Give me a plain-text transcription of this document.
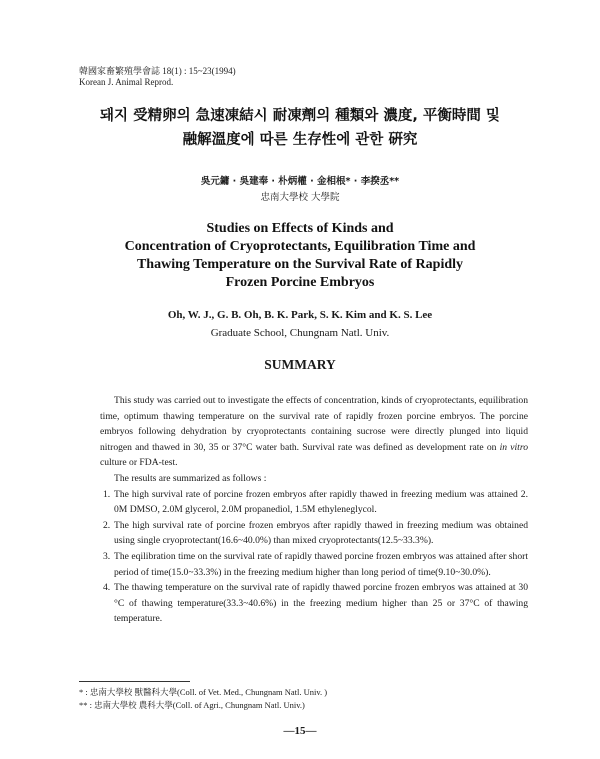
韓國家畜繁殖學會誌 18(1) : 15~23(1994)
Korean J. Animal Reprod.
돼지 受精卵의 急速凍結시 耐凍劑의 種類와 濃度, 平衡時間 및
融解溫度에 따른 生存性에 관한 硏究
吳元鏞 · 吳建奉 · 朴炳權 · 金相根* · 李揆丞**
忠南大學校 大學院
Studies on Effects of Kinds and
Concentration of Cryoprotectants, Equilibration Time and
Thawing Temperature on the Survival Rate of Rapidly
Frozen Porcine Embryos
Oh, W. J., G. B. Oh, B. K. Park, S. K. Kim and K. S. Lee
Graduate School, Chungnam Natl. Univ.
SUMMARY

This study was carried out to investigate the effects of concentration, kinds of cryoprotectants, equilibration time, optimum thawing temperature on the survival rate of rapidly frozen porcine embryos. The porcine embryos following dehydration by cryoprotectants containing sucrose were directly plunged into liquid nitrogen and thawed in 30, 35 or 37°C water bath. Survival rate was defined as development rate on in vitro culture or FDA-test.

The results are summarized as follows :

1. The high survival rate of porcine frozen embryos after rapidly thawed in freezing medium was attained 2. 0M DMSO, 2.0M glycerol, 2.0M propanediol, 1.5M ethyleneglycol.
2. The high survival rate of porcine frozen embryos after rapidly thawed in freezing medium was obtained using single cryoprotectant(16.6~40.0%) than mixed cryoprotectants(12.5~33.3%).
3. The eqilibration time on the survival rate of rapidly thawed porcine frozen embryos was attained after short period of time(15.0~33.3%) in the freezing medium higher than long period of time(9.10~30.0%).
4. The thawing temperature on the survival rate of rapidly thawed porcine frozen embryos was attained at 30 °C of thawing temperature(33.3~40.6%) in the freezing medium higher than 25 or 37°C of thawing temperature.
* : 忠南大學校 獸醫科大學(Coll. of Vet. Med., Chungnam Natl. Univ. )
** : 忠南大學校 農科大學(Coll. of Agri., Chungnam Natl. Univ.)
—15—
